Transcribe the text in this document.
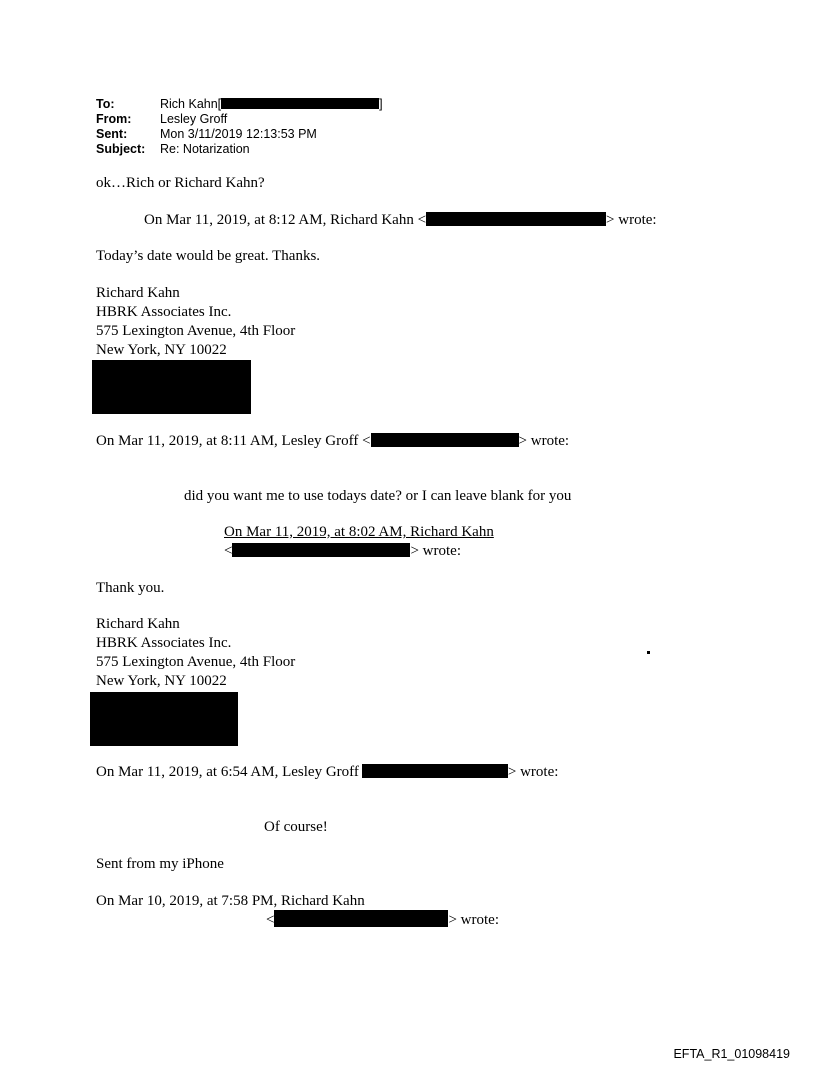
To:	Rich Kahn[	]
From: Lesley Groff
Sent:	Mon 3/11/2019 12:13:53 PM
Subject: Re: Notarization
ok…Rich or Richard Kahn?
On Mar 11, 2019, at 8:12 AM, Richard Kahn <	> wrote:
Today’s date would be great. Thanks.
Richard Kahn
HBRK Associates Inc.
575 Lexington Avenue, 4th Floor
New York, NY 10022
On Mar 11, 2019, at 8:11 AM, Lesley Groff <	> wrote:
did you want me to use todays date? or I can leave blank for you
On Mar 11, 2019, at 8:02 AM, Richard Kahn
<	> wrote:
Thank you.
Richard Kahn
HBRK Associates Inc.
575 Lexington Avenue, 4th Floor
New York, NY 10022
On Mar 11, 2019, at 6:54 AM, Lesley Groff	> wrote:
Of course!
Sent from my iPhone
On Mar 10, 2019, at 7:58 PM, Richard Kahn
<	> wrote:
EFTA_R1_01098419
